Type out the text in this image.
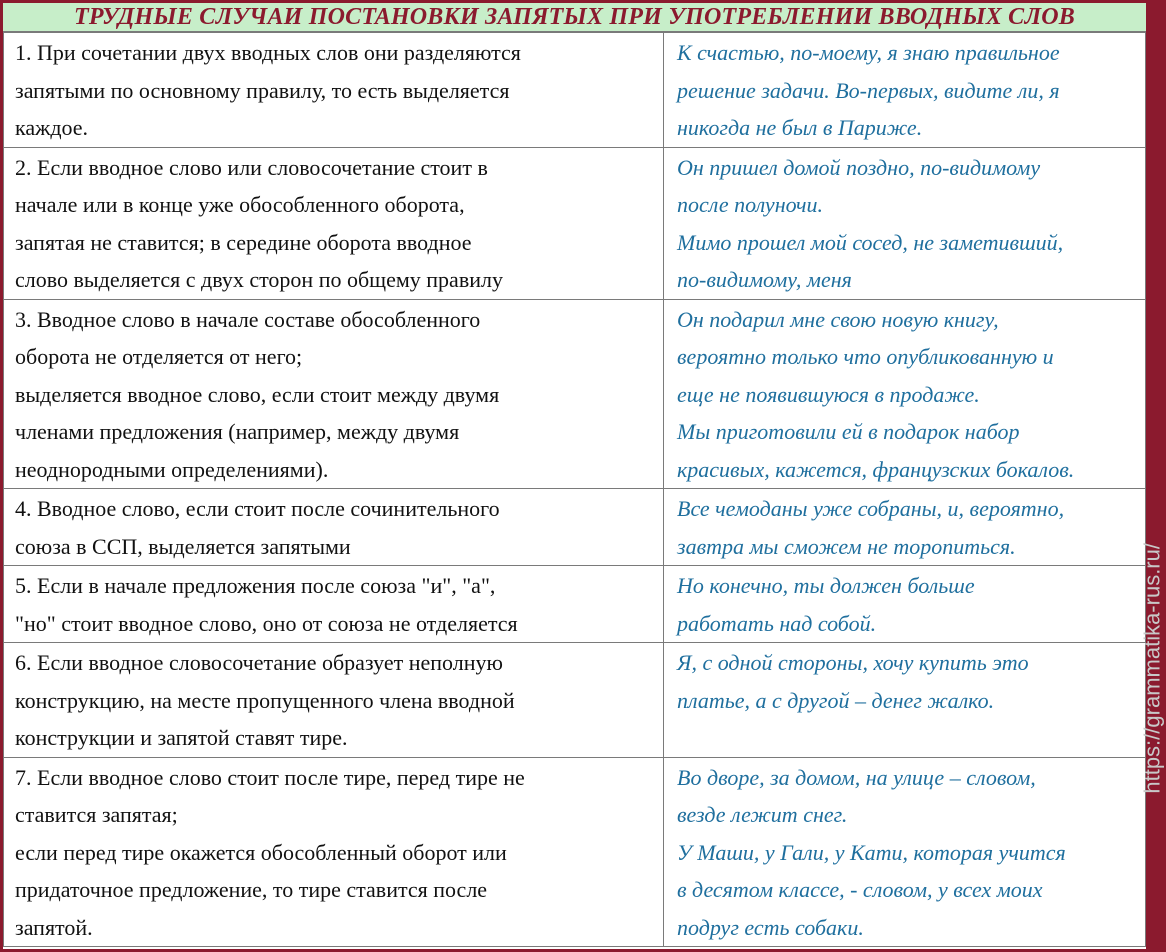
ТРУДНЫЕ СЛУЧАИ ПОСТАНОВКИ ЗАПЯТЫХ ПРИ УПОТРЕБЛЕНИИ ВВОДНЫХ СЛОВ
1. При сочетании двух вводных слов они разделяются
запятыми по основному правилу, то есть выделяется
каждое.	К счастью, по-моему, я знаю правильное
решение задачи. Во-первых, видите ли, я
никогда не был в Париже.

2. Если вводное слово или словосочетание стоит в
начале или в конце уже обособленного оборота,
запятая не ставится; в середине оборота вводное
слово выделяется с двух сторон по общему правилу	Он пришел домой поздно, по-видимому
после полуночи.
Мимо прошел мой сосед, не заметивший,
по-видимому, меня

3. Вводное слово в начале составе обособленного
оборота не отделяется от него;
выделяется вводное слово, если стоит между двумя
членами предложения (например, между двумя
неоднородными определениями).	Он подарил мне свою новую книгу,
вероятно только что опубликованную и
еще не появившуюся в продаже.
Мы приготовили ей в подарок набор
красивых, кажется, французских бокалов.

4. Вводное слово, если стоит после сочинительного
союза в ССП, выделяется запятыми	Все чемоданы уже собраны, и, вероятно,
завтра мы сможем не торопиться.

5. Если в начале предложения после союза "и", "а",
"но" стоит вводное слово, оно от союза не отделяется	Но конечно, ты должен больше
работать над собой.

6. Если вводное словосочетание образует неполную
конструкцию, на месте пропущенного члена вводной
конструкции и запятой ставят тире.	Я, с одной стороны, хочу купить это
платье, а с другой – денег жалко.

7. Если вводное слово стоит после тире, перед тире не
ставится запятая;
если перед тире окажется обособленный оборот или
придаточное предложение, то тире ставится после
запятой.	Во дворе, за домом, на улице – словом,
везде лежит снег.
У Маши, у Гали, у Кати, которая учится
в десятом классе, - словом, у всех моих
подруг есть собаки.
https://grammatika-rus.ru/
